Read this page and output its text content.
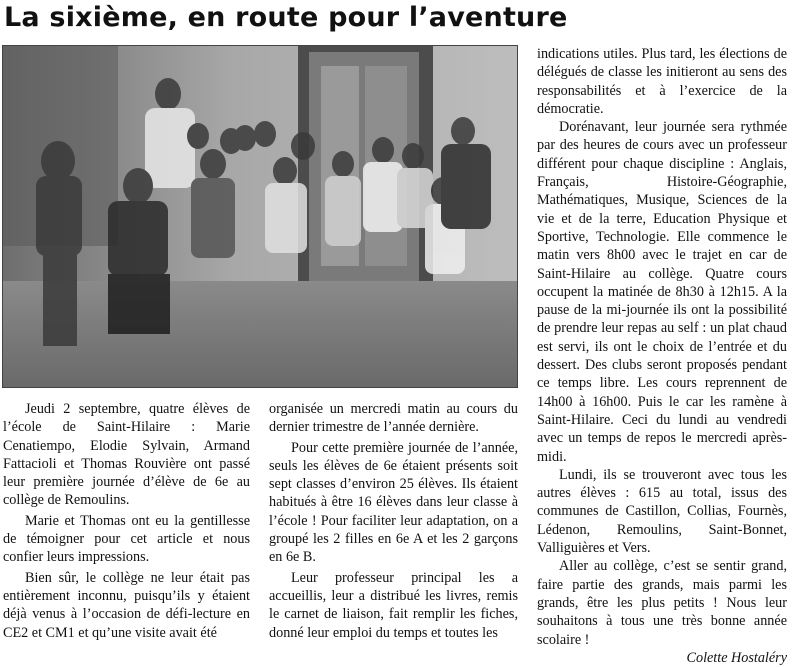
La sixième, en route pour l’aventure

Jeudi 2 septembre, quatre élèves de l’école de Saint-Hilaire : Marie Cenatiempo, Elodie Sylvain, Armand Fattacioli et Thomas Rouvière ont passé leur première journée d’élève de 6e au collège de Remoulins.

Marie et Thomas ont eu la gentillesse de témoigner pour cet article et nous confier leurs impressions.

Bien sûr, le collège ne leur était pas entièrement inconnu, puisqu’ils y étaient déjà venus à l’occasion de défi-lecture en CE2 et CM1 et qu’une visite avait été

organisée un mercredi matin au cours du dernier trimestre de l’année dernière.

Pour cette première journée de l’année, seuls les élèves de 6e étaient présents soit sept classes d’environ 25 élèves. Ils étaient habitués à être 16 élèves dans leur classe à l’école ! Pour faciliter leur adaptation, on a groupé les 2 filles en 6e A et les 2 garçons en 6e B.

Leur professeur principal les a accueillis, leur a distribué les livres, remis le carnet de liaison, fait remplir les fiches, donné leur emploi du temps et toutes les

indications utiles. Plus tard, les élections de délégués de classe les initieront au sens des responsabilités et à l’exercice de la démocratie.

Dorénavant, leur journée sera rythmée par des heures de cours avec un professeur différent pour chaque discipline : Anglais, Français, Histoire-Géographie, Mathématiques, Musique, Sciences de la vie et de la terre, Education Physique et Sportive, Technologie. Elle commence le matin vers 8h00 avec le trajet en car de Saint-Hilaire au collège. Quatre cours occupent la matinée de 8h30 à 12h15. A la pause de la mi-journée ils ont la possibilité de prendre leur repas au self : un plat chaud est servi, ils ont le choix de l’entrée et du dessert. Des clubs seront proposés pendant ce temps libre. Les cours reprennent de 14h00 à 16h00. Puis le car les ramène à Saint-Hilaire. Ceci du lundi au vendredi avec un temps de repos le mercredi après-midi.

Lundi, ils se trouveront avec tous les autres élèves : 615 au total, issus des communes de Castillon, Collias, Fournès, Lédenon, Remoulins, Saint-Bonnet, Valliguières et Vers.

Aller au collège, c’est se sentir grand, faire partie des grands, mais parmi les grands, être les plus petits ! Nous leur souhaitons à tous une très bonne année scolaire !

Colette Hostaléry
